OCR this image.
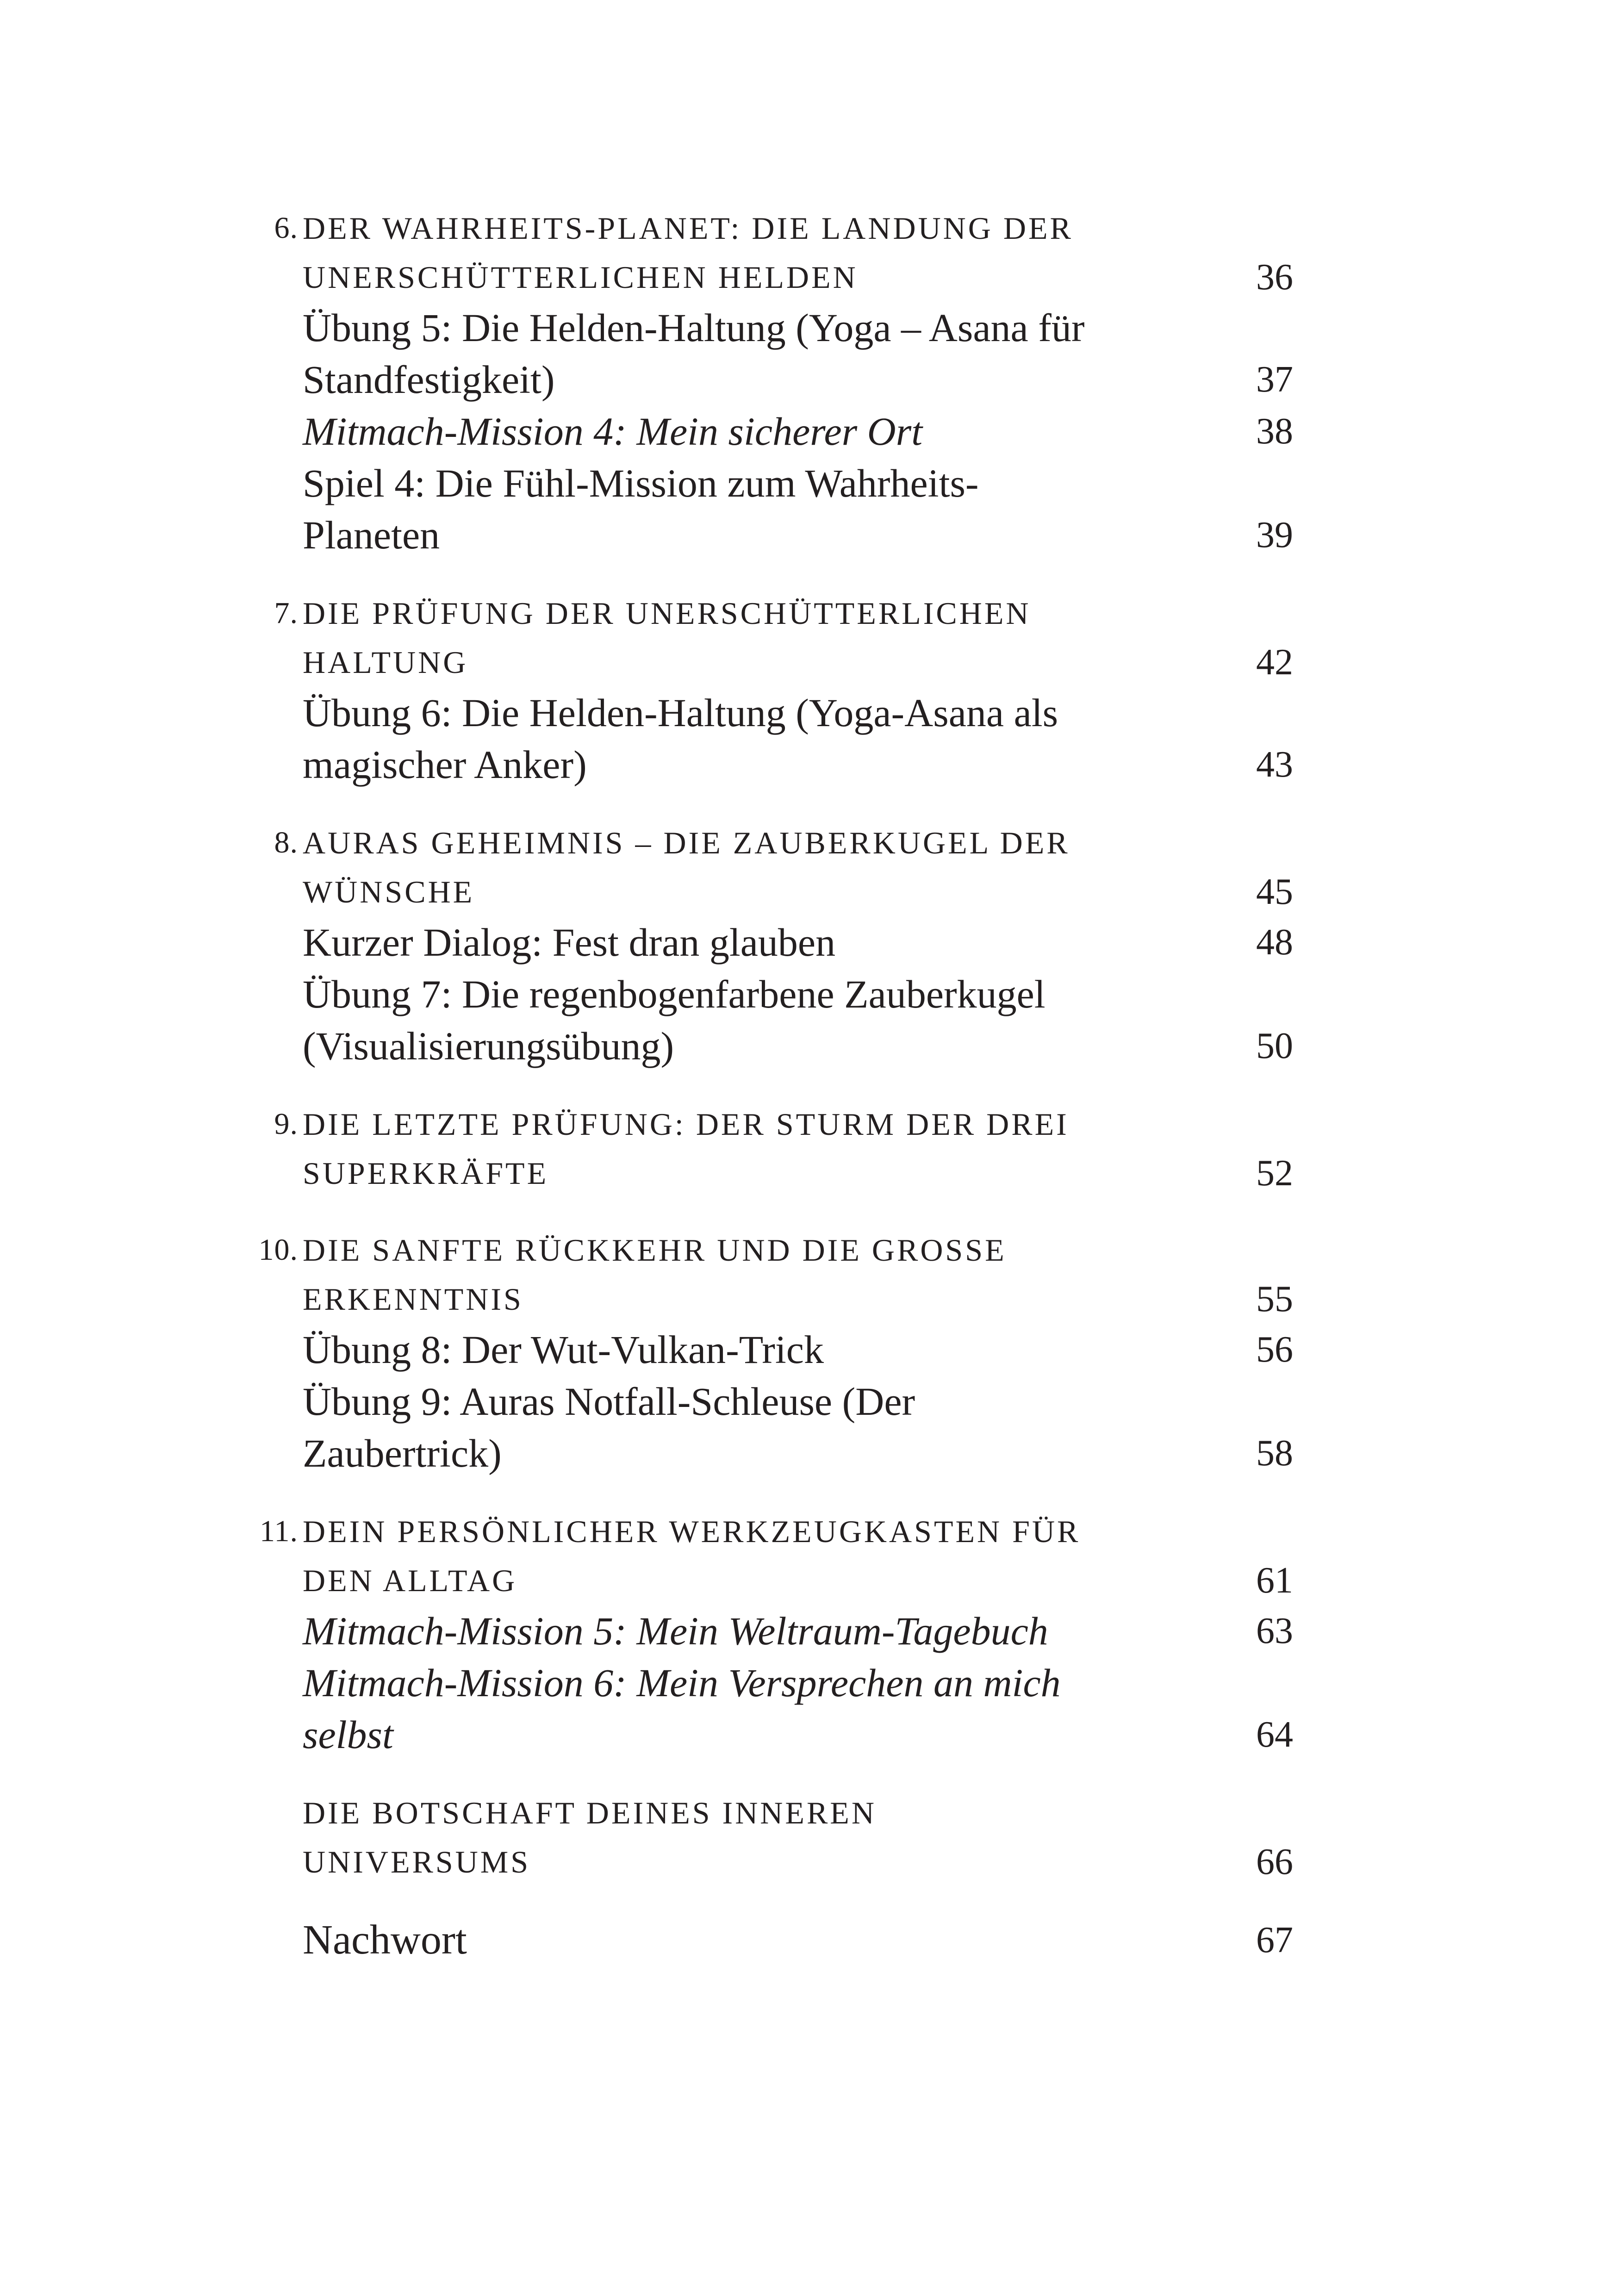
6. DER WAHRHEITS-PLANET: DIE LANDUNG DER
UNERSCHÜTTERLICHEN HELDEN	36
Übung 5: Die Helden-Haltung (Yoga – Asana für
Standfestigkeit)	37
Mitmach-Mission 4: Mein sicherer Ort	38
Spiel 4: Die Fühl-Mission zum Wahrheits-
Planeten	39
7. DIE PRÜFUNG DER UNERSCHÜTTERLICHEN
HALTUNG	42
Übung 6: Die Helden-Haltung (Yoga-Asana als
magischer Anker)	43
8. AURAS GEHEIMNIS – DIE ZAUBERKUGEL DER
WÜNSCHE	45
Kurzer Dialog: Fest dran glauben	48
Übung 7: Die regenbogenfarbene Zauberkugel
(Visualisierungsübung)	50
9. DIE LETZTE PRÜFUNG: DER STURM DER DREI
SUPERKRÄFTE	52
10. DIE SANFTE RÜCKKEHR UND DIE GROSSE
ERKENNTNIS	55
Übung 8: Der Wut-Vulkan-Trick	56
Übung 9: Auras Notfall-Schleuse (Der
Zaubertrick)	58
11. DEIN PERSÖNLICHER WERKZEUGKASTEN FÜR
DEN ALLTAG	61
Mitmach-Mission 5: Mein Weltraum-Tagebuch	63
Mitmach-Mission 6: Mein Versprechen an mich
selbst	64
DIE BOTSCHAFT DEINES INNEREN
UNIVERSUMS	66
Nachwort	67
